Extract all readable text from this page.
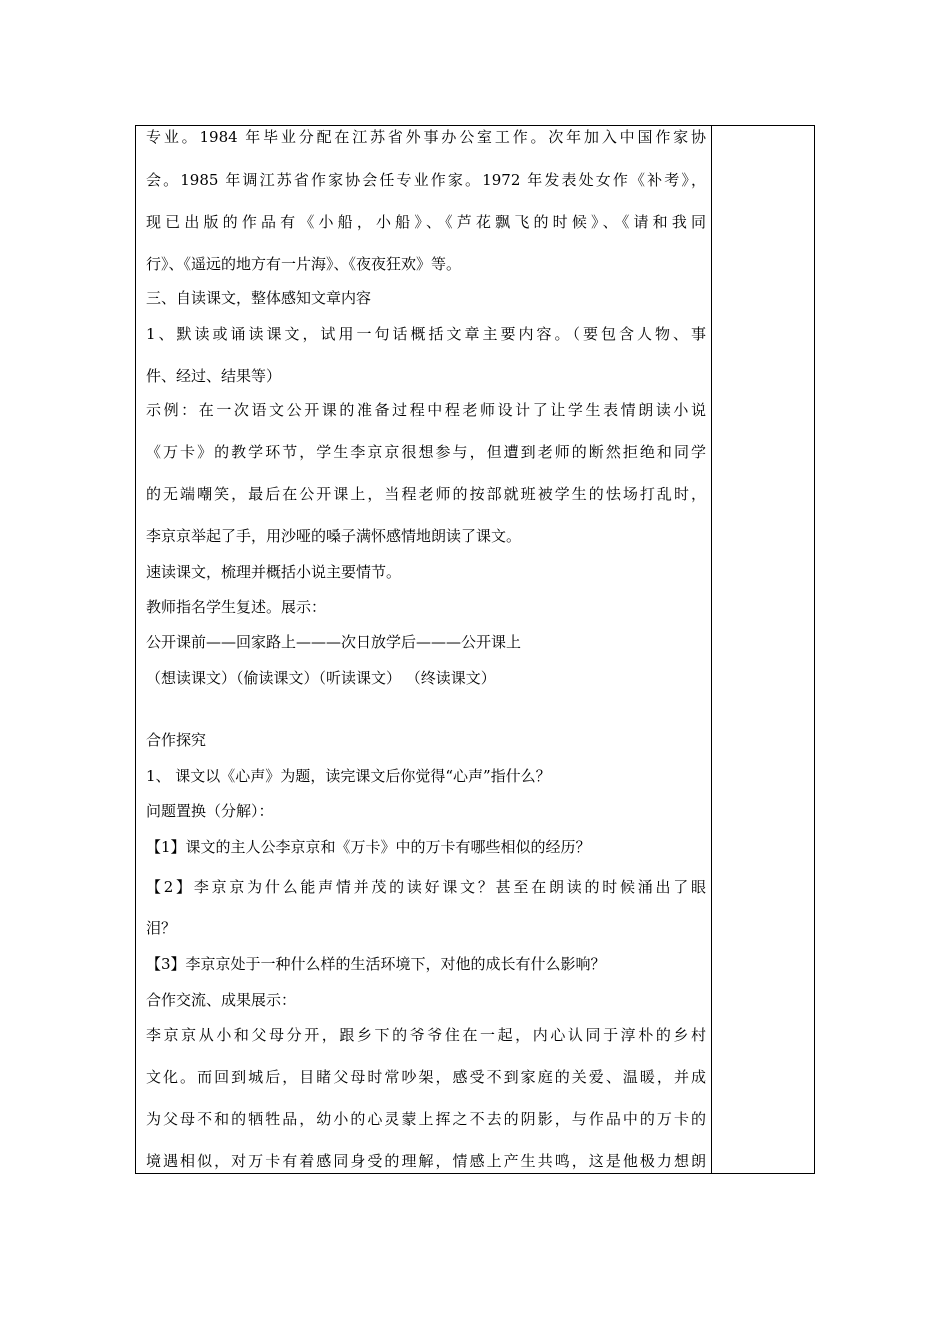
专业。1984 年毕业分配在江苏省外事办公室工作。次年加入中国作家协
会。1985 年调江苏省作家协会任专业作家。1972 年发表处女作《补考》，
现已出版的作品有《小船，小船》、《芦花飘飞的时候》、《请和我同
行》、《遥远的地方有一片海》、《夜夜狂欢》等。
三、自读课文，整体感知文章内容
1、默读或诵读课文，试用一句话概括文章主要内容。（要包含人物、事
件、经过、结果等）
示例：在一次语文公开课的准备过程中程老师设计了让学生表情朗读小说
《万卡》的教学环节，学生李京京很想参与，但遭到老师的断然拒绝和同学
的无端嘲笑，最后在公开课上，当程老师的按部就班被学生的怯场打乱时，
李京京举起了手，用沙哑的嗓子满怀感情地朗读了课文。
速读课文，梳理并概括小说主要情节。
教师指名学生复述。展示：
公开课前——回家路上———次日放学后———公开课上
（想读课文）（偷读课文）（听读课文） （终读课文）
合作探究
1、 课文以《心声》为题，读完课文后你觉得“心声”指什么？
问题置换（分解）：
【1】课文的主人公李京京和《万卡》中的万卡有哪些相似的经历？
【2】李京京为什么能声情并茂的读好课文？甚至在朗读的时候涌出了眼
泪？
【3】李京京处于一种什么样的生活环境下，对他的成长有什么影响？
合作交流、成果展示：
李京京从小和父母分开，跟乡下的爷爷住在一起，内心认同于淳朴的乡村
文化。而回到城后，目睹父母时常吵架，感受不到家庭的关爱、温暖，并成
为父母不和的牺牲品，幼小的心灵蒙上挥之不去的阴影，与作品中的万卡的
境遇相似，对万卡有着感同身受的理解，情感上产生共鸣，这是他极力想朗
